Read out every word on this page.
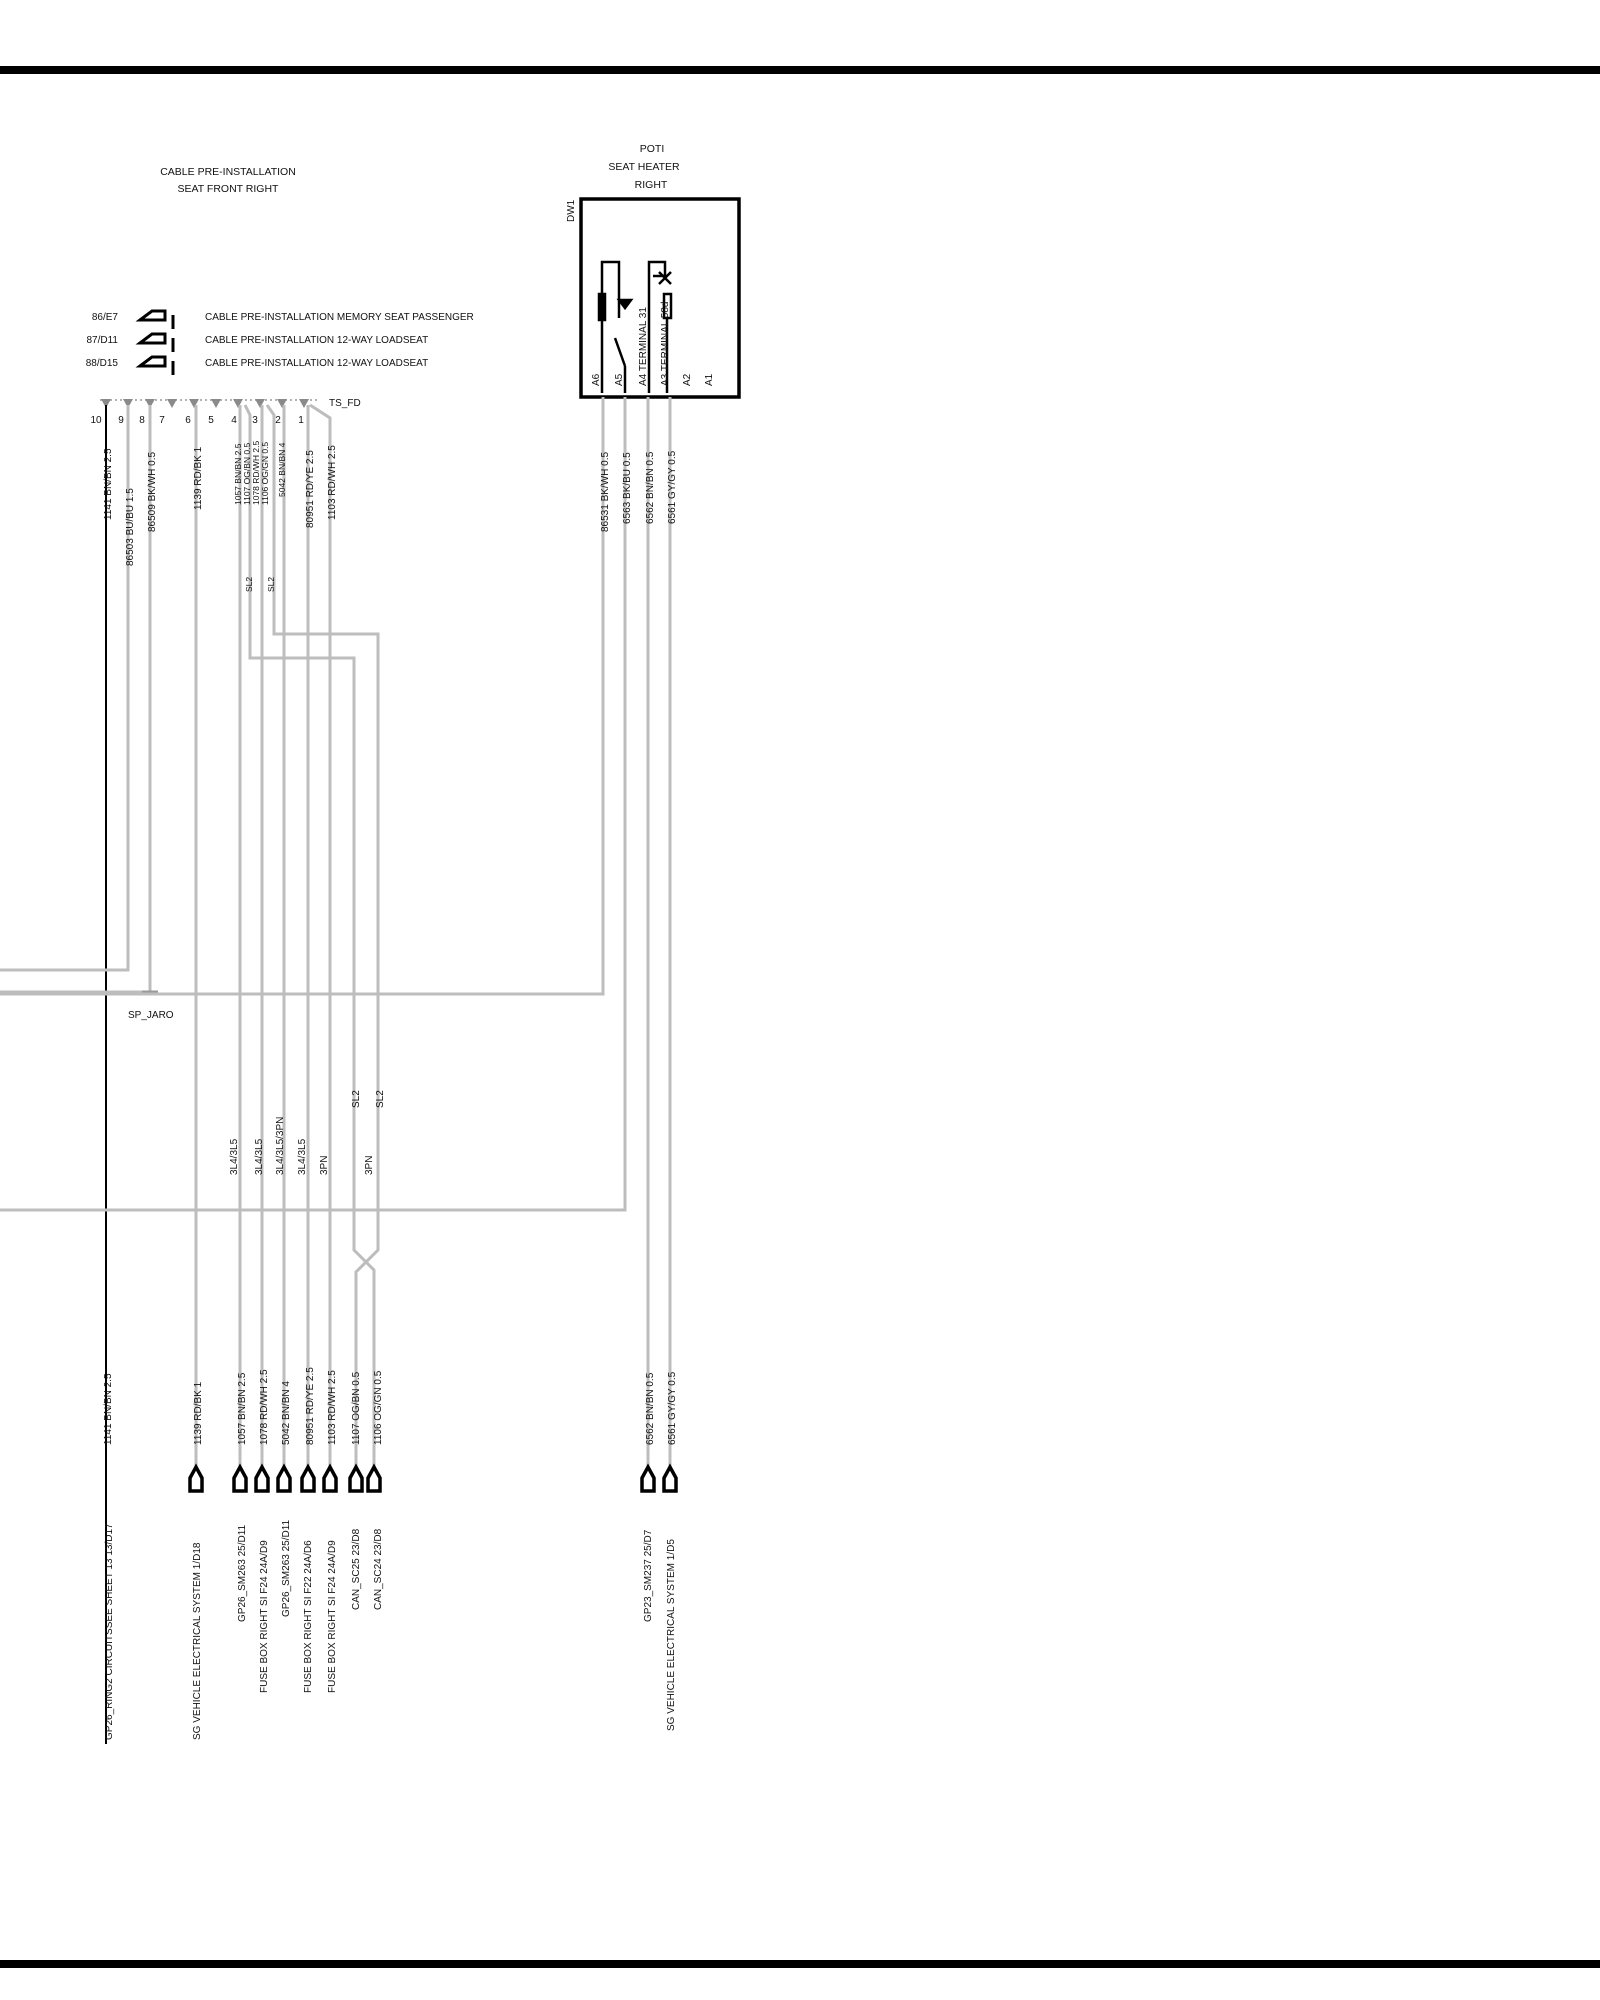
POTI
SEAT HEATER
RIGHT
DW1
A6 A5 A4 TERMINAL 31 A3 TERMINAL 58d A2 A1
CABLE PRE-INSTALLATION
SEAT FRONT RIGHT
86/E7
87/D11
88/D15
CABLE PRE-INSTALLATION MEMORY SEAT PASSENGER
CABLE PRE-INSTALLATION 12-WAY LOADSEAT
CABLE PRE-INSTALLATION 12-WAY LOADSEAT
TS_FD
10 9 8 7 6 5 4 3 2 1
1141 BN/BN 2.5
86503 BU/BU 1.5 86509 BK/WH 0.5	1139 RD/BK 1	1057 BN/BN 2.5 1107 OG/BN 0.5 1078 RD/WH 2.5 1106 OG/GN 0.5 5042 BN/BN 4 80951 RD/YE 2.5 1103 RD/WH 2.5	86531 BK/WH 0.5 6563 BK/BU 0.5 6562 BN/BN 0.5 6561 GY/GY 0.5
SL2 SL2
SL2 SL2
SP_JARO
3L4/3L5 3L4/3L5 3L4/3L5/3PN 3L4/3L5 3PN	3PN
1141 BN/BN 2.5	1139 RD/BK 1	1057 BN/BN 2.5 1078 RD/WH 2.5 5042 BN/BN 4 80951 RD/YE 2.5 1103 RD/WH 2.5 1107 OG/BN 0.5 1106 OG/GN 0.5	6562 BN/BN 0.5 6561 GY/GY 0.5
GP26_RING2 CIRCUITSSEE SHEET 13 13/D17	SG VEHICLE ELECTRICAL SYSTEM 1/D18	GP26_SM263 25/D11 FUSE BOX RIGHT SI F24 24A/D9 GP26_SM263 25/D11 FUSE BOX RIGHT SI F22 24A/D6 FUSE BOX RIGHT SI F24 24A/D9 CAN_SC25 23/D8 CAN_SC24 23/D8	GP23_SM237 25/D7 SG VEHICLE ELECTRICAL SYSTEM 1/D5
